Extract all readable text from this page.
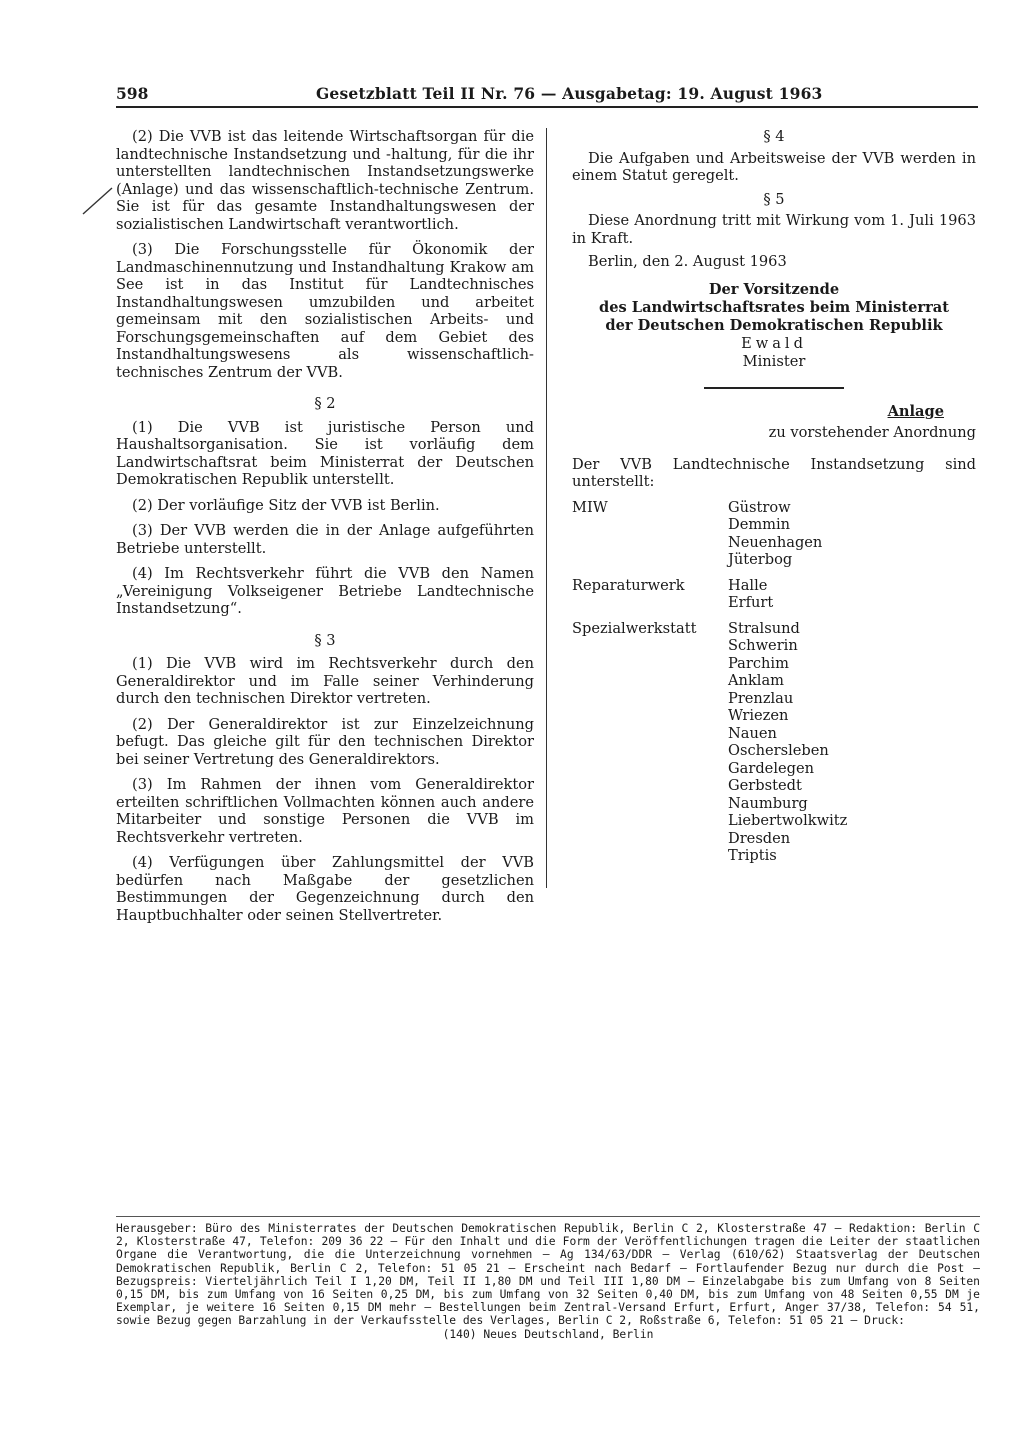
598	Gesetzblatt Teil II Nr. 76 — Ausgabetag: 19. August 1963

(2) Die VVB ist das leitende Wirtschaftsorgan für die landtechnische Instandsetzung und -haltung, für die ihr unterstellten landtechnischen Instandsetzungswerke (Anlage) und das wissenschaftlich-technische Zentrum. Sie ist für das gesamte Instandhaltungswesen der sozialistischen Landwirtschaft verantwortlich.

(3) Die Forschungsstelle für Ökonomik der Landmaschinennutzung und Instandhaltung Krakow am See ist in das Institut für Landtechnisches Instandhaltungswesen umzubilden und arbeitet gemeinsam mit den sozialistischen Arbeits- und Forschungsgemeinschaften auf dem Gebiet des Instandhaltungswesens als wissenschaftlich-technisches Zentrum der VVB.

§ 2

(1) Die VVB ist juristische Person und Haushaltsorganisation. Sie ist vorläufig dem Landwirtschaftsrat beim Ministerrat der Deutschen Demokratischen Republik unterstellt.

(2) Der vorläufige Sitz der VVB ist Berlin.

(3) Der VVB werden die in der Anlage aufgeführten Betriebe unterstellt.

(4) Im Rechtsverkehr führt die VVB den Namen „Vereinigung Volkseigener Betriebe Landtechnische Instandsetzung“.

§ 3

(1) Die VVB wird im Rechtsverkehr durch den Generaldirektor und im Falle seiner Verhinderung durch den technischen Direktor vertreten.

(2) Der Generaldirektor ist zur Einzelzeichnung befugt. Das gleiche gilt für den technischen Direktor bei seiner Vertretung des Generaldirektors.

(3) Im Rahmen der ihnen vom Generaldirektor erteilten schriftlichen Vollmachten können auch andere Mitarbeiter und sonstige Personen die VVB im Rechtsverkehr vertreten.

(4) Verfügungen über Zahlungsmittel der VVB bedürfen nach Maßgabe der gesetzlichen Bestimmungen der Gegenzeichnung durch den Hauptbuchhalter oder seinen Stellvertreter.

§ 4

Die Aufgaben und Arbeitsweise der VVB werden in einem Statut geregelt.

§ 5

Diese Anordnung tritt mit Wirkung vom 1. Juli 1963 in Kraft.

Berlin, den 2. August 1963

Der Vorsitzende
des Landwirtschaftsrates beim Ministerrat
der Deutschen Demokratischen Republik
Ewald
Minister
Anlage
zu vorstehender Anordnung

Der VVB Landtechnische Instandsetzung sind unterstellt:

MIW	Güstrow
Demmin
Neuenhagen
Jüterbog
Reparaturwerk	Halle
Erfurt
Spezialwerkstatt	Stralsund
Schwerin
Parchim
Anklam
Prenzlau
Wriezen
Nauen
Oschersleben
Gardelegen
Gerbstedt
Naumburg
Liebertwolkwitz
Dresden
Triptis
Herausgeber: Büro des Ministerrates der Deutschen Demokratischen Republik, Berlin C 2, Klosterstraße 47 — Redaktion: Berlin C 2, Klosterstraße 47, Telefon: 209 36 22 — Für den Inhalt und die Form der Veröffentlichungen tragen die Leiter der staatlichen Organe die Verantwortung, die die Unterzeichnung vornehmen — Ag 134/63/DDR — Verlag (610/62) Staatsverlag der Deutschen Demokratischen Republik, Berlin C 2, Telefon: 51 05 21 — Erscheint nach Bedarf — Fortlaufender Bezug nur durch die Post — Bezugspreis: Vierteljährlich Teil I 1,20 DM, Teil II 1,80 DM und Teil III 1,80 DM — Einzelabgabe bis zum Umfang von 8 Seiten 0,15 DM, bis zum Umfang von 16 Seiten 0,25 DM, bis zum Umfang von 32 Seiten 0,40 DM, bis zum Umfang von 48 Seiten 0,55 DM je Exemplar, je weitere 16 Seiten 0,15 DM mehr — Bestellungen beim Zentral-Versand Erfurt, Erfurt, Anger 37/38, Telefon: 54 51, sowie Bezug gegen Barzahlung in der Verkaufsstelle des Verlages, Berlin C 2, Roßstraße 6, Telefon: 51 05 21 — Druck:
(140) Neues Deutschland, Berlin
